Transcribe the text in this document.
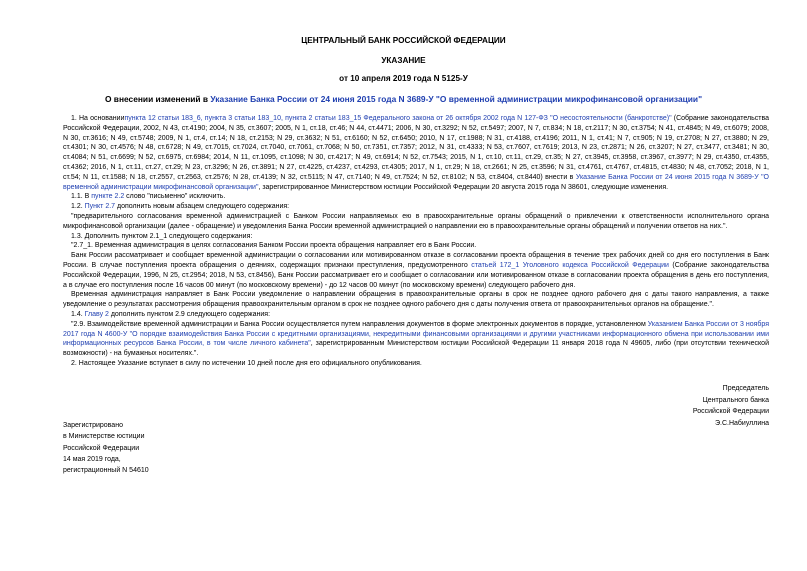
ЦЕНТРАЛЬНЫЙ БАНК РОССИЙСКОЙ ФЕДЕРАЦИИ
УКАЗАНИЕ
от 10 апреля 2019 года N 5125-У
О внесении изменений в Указание Банка России от 24 июня 2015 года N 3689-У "О временной администрации микрофинансовой организации"

1. На основаниипункта 12 статьи 183_6, пункта 3 статьи 183_10, пункта 2 статьи 183_15 Федерального закона от 26 октября 2002 года N 127-ФЗ "О несостоятельности (банкротстве)" (Собрание законодательства Российской Федерации, 2002, N 43, ст.4190; 2004, N 35, ст.3607; 2005, N 1, ст.18, ст.46; N 44, ст.4471; 2006, N 30, ст.3292; N 52, ст.5497; 2007, N 7, ст.834; N 18, ст.2117; N 30, ст.3754; N 41, ст.4845; N 49, ст.6079; 2008, N 30, ст.3616; N 49, ст.5748; 2009, N 1, ст.4, ст.14; N 18, ст.2153; N 29, ст.3632; N 51, ст.6160; N 52, ст.6450; 2010, N 17, ст.1988; N 31, ст.4188, ст.4196; 2011, N 1, ст.41; N 7, ст.905; N 19, ст.2708; N 27, ст.3880; N 29, ст.4301; N 30, ст.4576; N 48, ст.6728; N 49, ст.7015, ст.7024, ст.7040, ст.7061, ст.7068; N 50, ст.7351, ст.7357; 2012, N 31, ст.4333; N 53, ст.7607, ст.7619; 2013, N 23, ст.2871; N 26, ст.3207; N 27, ст.3477, ст.3481; N 30, ст.4084; N 51, ст.6699; N 52, ст.6975, ст.6984; 2014, N 11, ст.1095, ст.1098; N 30, ст.4217; N 49, ст.6914; N 52, ст.7543; 2015, N 1, ст.10, ст.11, ст.29, ст.35; N 27, ст.3945, ст.3958, ст.3967, ст.3977; N 29, ст.4350, ст.4355, ст.4362; 2016, N 1, ст.11, ст.27, ст.29; N 23, ст.3296; N 26, ст.3891; N 27, ст.4225, ст.4237, ст.4293, ст.4305; 2017, N 1, ст.29; N 18, ст.2661; N 25, ст.3596; N 31, ст.4761, ст.4767, ст.4815, ст.4830; N 48, ст.7052; 2018, N 1, ст.54; N 11, ст.1588; N 18, ст.2557, ст.2563, ст.2576; N 28, ст.4139; N 32, ст.5115; N 47, ст.7140; N 49, ст.7524; N 52, ст.8102; N 53, ст.8404, ст.8440) внести в Указание Банка России от 24 июня 2015 года N 3689-У "О временной администрации микрофинансовой организации", зарегистрированное Министерством юстиции Российской Федерации 20 августа 2015 года N 38601, следующие изменения.

1.1. В пункте 2.2 слово "письменно" исключить.

1.2. Пункт 2.7 дополнить новым абзацем следующего содержания:

"предварительного согласования временной администрацией с Банком России направляемых ею в правоохранительные органы обращений о привлечении к ответственности исполнительного органа микрофинансовой организации (далее - обращение) и уведомления Банка России временной администрацией о направлении ею в правоохранительные органы обращений и получении ответов на них.".

1.3. Дополнить пунктом 2.1_1 следующего содержания:

"2.7_1. Временная администрация в целях согласования Банком России проекта обращения направляет его в Банк России.

Банк России рассматривает и сообщает временной администрации о согласовании или мотивированном отказе в согласовании проекта обращения в течение трех рабочих дней со дня его поступления в Банк России. В случае поступления проекта обращения о деяниях, содержащих признаки преступления, предусмотренного статьей 172_1 Уголовного кодекса Российской Федерации (Собрание законодательства Российской Федерации, 1996, N 25, ст.2954; 2018, N 53, ст.8456), Банк России рассматривает его и сообщает о согласовании или мотивированном отказе в согласовании проекта обращения в день его поступления, а в случае его поступления после 16 часов 00 минут (по московскому времени) - до 12 часов 00 минут (по московскому времени) следующего рабочего дня.

Временная администрация направляет в Банк России уведомление о направлении обращения в правоохранительные органы в срок не позднее одного рабочего дня с даты такого направления, а также уведомление о результатах рассмотрения обращения правоохранительным органом в срок не позднее одного рабочего дня с даты получения ответа от правоохранительных органов на обращение.".

1.4. Главу 2 дополнить пунктом 2.9 следующего содержания:

"2.9. Взаимодействие временной администрации и Банка России осуществляется путем направления документов в форме электронных документов в порядке, установленном Указанием Банка России от 3 ноября 2017 года N 4600-У "О порядке взаимодействия Банка России с кредитными организациями, некредитными финансовыми организациями и другими участниками информационного обмена при использовании ими информационных ресурсов Банка России, в том числе личного кабинета", зарегистрированным Министерством юстиции Российской Федерации 11 января 2018 года N 49605, либо (при отсутствии технической возможности) - на бумажных носителях.".

2. Настоящее Указание вступает в силу по истечении 10 дней после дня его официального опубликования.

Председатель
Центрального банка
Российской Федерации
Э.С.Набиуллина
Зарегистрировано
в Министерстве юстиции
Российской Федерации
14 мая 2019 года,
регистрационный N 54610
